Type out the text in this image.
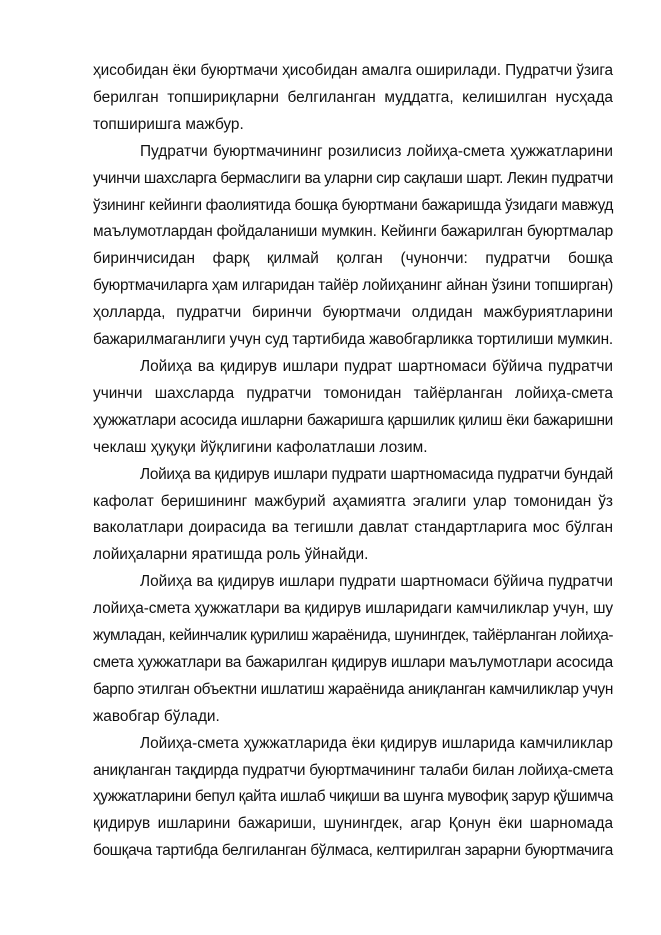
ҳисобидан ёки буюртмачи ҳисобидан амалга оширилади. Пудратчи ўзига
берилган топшириқларни белгиланган муддатга, келишилган нусҳада
топширишга мажбур.

Пудратчи буюртмачининг розилисиз лойиҳа-смета ҳужжатларини
учинчи шахсларга бермаслиги ва уларни сир сақлаши шарт. Лекин пудратчи
ўзининг кейинги фаолиятида бошқа буюртмани бажаришда ўзидаги мавжуд
маълумотлардан фойдаланиши мумкин. Кейинги бажарилган буюртмалар
биринчисидан фарқ қилмай қолган (чунончи: пудратчи бошқа
буюртмачиларга ҳам илгаридан тайёр лойиҳанинг айнан ўзини топширган)
ҳолларда, пудратчи биринчи буюртмачи олдидан мажбуриятларини
бажарилмаганлиги учун суд тартибида жавобгарликка тортилиши мумкин.

Лойиҳа ва қидирув ишлари пудрат шартномаси бўйича пудратчи
учинчи шахсларда пудратчи томонидан тайёрланган лойиҳа-смета
ҳужжатлари асосида ишларни бажаришга қаршилик қилиш ёки бажаришни
чеклаш ҳуқуқи йўқлигини кафолатлаши лозим.

Лойиҳа ва қидирув ишлари пудрати шартномасида пудратчи бундай
кафолат беришининг мажбурий аҳамиятга эгалиги улар томонидан ўз
ваколатлари доирасида ва тегишли давлат стандартларига мос бўлган
лойиҳаларни яратишда роль ўйнайди.

Лойиҳа ва қидирув ишлари пудрати шартномаси бўйича пудратчи
лойиҳа-смета ҳужжатлари ва қидирув ишларидаги камчиликлар учун, шу
жумладан, кейинчалик қурилиш жараёнида, шунингдек, тайёрланган лойиҳа-
смета ҳужжатлари ва бажарилган қидирув ишлари маълумотлари асосида
барпо этилган объектни ишлатиш жараёнида аниқланган камчиликлар учун
жавобгар бўлади.

Лойиҳа-смета ҳужжатларида ёки қидирув ишларида камчиликлар
аниқланган тақдирда пудратчи буюртмачининг талаби билан лойиҳа-смета
ҳужжатларини бепул қайта ишлаб чиқиши ва шунга мувофиқ зарур қўшимча
қидирув ишларини бажариши, шунингдек, агар Қонун ёки шарномада
бошқача тартибда белгиланган бўлмаса, келтирилган зарарни буюртмачига
